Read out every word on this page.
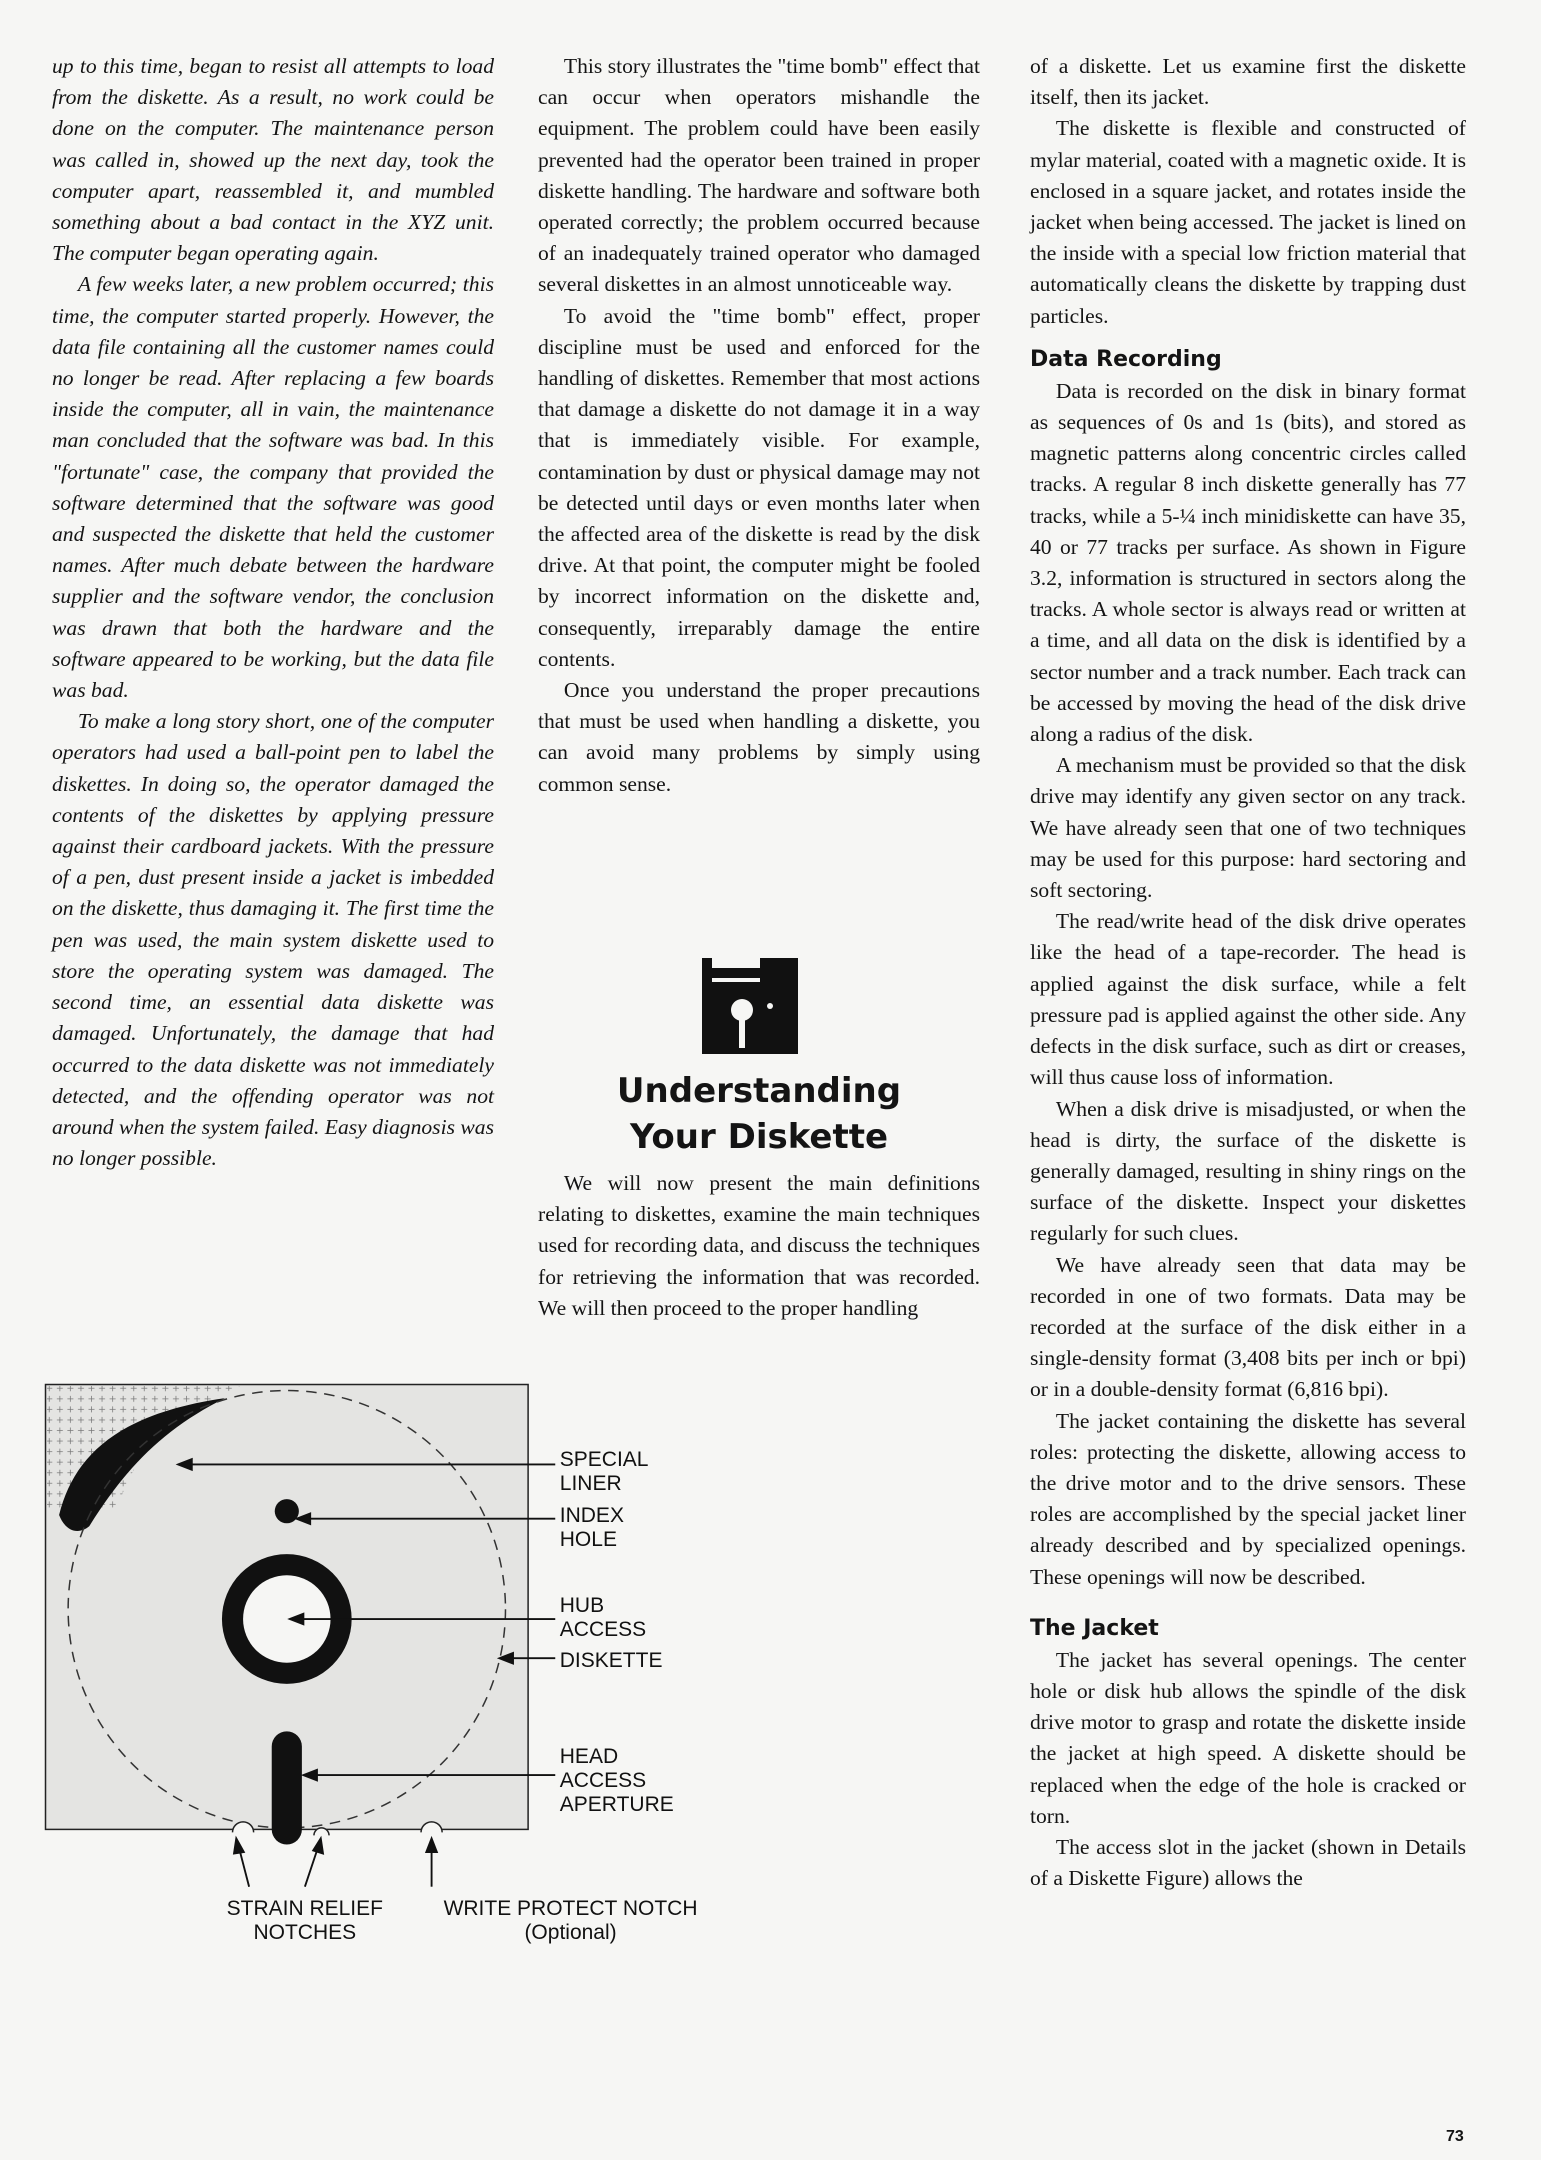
up to this time, began to resist all attempts to load from the diskette. As a result, no work could be done on the computer. The maintenance person was called in, showed up the next day, took the computer apart, reassembled it, and mumbled something about a bad contact in the XYZ unit. The computer began operating again.

A few weeks later, a new problem occurred; this time, the computer started properly. However, the data file containing all the customer names could no longer be read. After replacing a few boards inside the computer, all in vain, the maintenance man concluded that the software was bad. In this "fortunate" case, the company that provided the software determined that the software was good and suspected the diskette that held the customer names. After much debate between the hardware supplier and the software vendor, the conclusion was drawn that both the hardware and the software appeared to be working, but the data file was bad.

To make a long story short, one of the computer operators had used a ball-point pen to label the diskettes. In doing so, the operator damaged the contents of the diskettes by applying pressure against their cardboard jackets. With the pressure of a pen, dust present inside a jacket is imbedded on the diskette, thus damaging it. The first time the pen was used, the main system diskette used to store the operating system was damaged. The second time, an essential data diskette was damaged. Unfortunately, the damage that had occurred to the data diskette was not immediately detected, and the offending operator was not around when the system failed. Easy diagnosis was no longer possible.

This story illustrates the "time bomb" effect that can occur when operators mishandle the equipment. The problem could have been easily prevented had the operator been trained in proper diskette handling. The hardware and software both operated correctly; the problem occurred because of an inadequately trained operator who damaged several diskettes in an almost unnoticeable way.

To avoid the "time bomb" effect, proper discipline must be used and enforced for the handling of diskettes. Remember that most actions that damage a diskette do not damage it in a way that is immediately visible. For example, contamination by dust or physical damage may not be detected until days or even months later when the affected area of the diskette is read by the disk drive. At that point, the computer might be fooled by incorrect information on the diskette and, consequently, irreparably damage the entire contents.

Once you understand the proper precautions that must be used when handling a diskette, you can avoid many problems by simply using common sense.

Understanding
Your Diskette

We will now present the main definitions relating to diskettes, examine the main techniques used for recording data, and discuss the techniques for retrieving the information that was recorded. We will then proceed to the proper handling

of a diskette. Let us examine first the diskette itself, then its jacket.

The diskette is flexible and constructed of mylar material, coated with a magnetic oxide. It is enclosed in a square jacket, and rotates inside the jacket when being accessed. The jacket is lined on the inside with a special low friction material that automatically cleans the diskette by trapping dust particles.

Data Recording

Data is recorded on the disk in binary format as sequences of 0s and 1s (bits), and stored as magnetic patterns along concentric circles called tracks. A regular 8 inch diskette generally has 77 tracks, while a 5-¼ inch minidiskette can have 35, 40 or 77 tracks per surface. As shown in Figure 3.2, information is structured in sectors along the tracks. A whole sector is always read or written at a time, and all data on the disk is identified by a sector number and a track number. Each track can be accessed by moving the head of the disk drive along a radius of the disk.

A mechanism must be provided so that the disk drive may identify any given sector on any track. We have already seen that one of two techniques may be used for this purpose: hard sectoring and soft sectoring.

The read/write head of the disk drive operates like the head of a tape-recorder. The head is applied against the disk surface, while a felt pressure pad is applied against the other side. Any defects in the disk surface, such as dirt or creases, will thus cause loss of information.

When a disk drive is misadjusted, or when the head is dirty, the surface of the diskette is generally damaged, resulting in shiny rings on the surface of the diskette. Inspect your diskettes regularly for such clues.

We have already seen that data may be recorded in one of two formats. Data may be recorded at the surface of the disk either in a single-density format (3,408 bits per inch or bpi) or in a double-density format (6,816 bpi).

The jacket containing the diskette has several roles: protecting the diskette, allowing access to the drive motor and to the drive sensors. These roles are accomplished by the special jacket liner already described and by specialized openings. These openings will now be described.

The Jacket

The jacket has several openings. The center hole or disk hub allows the spindle of the disk drive motor to grasp and rotate the diskette inside the jacket at high speed. A diskette should be replaced when the edge of the hole is cracked or torn.

The access slot in the jacket (shown in Details of a Diskette Figure) allows the

SPECIAL
LINER
INDEX
HOLE
HUB
ACCESS
DISKETTE
HEAD
ACCESS
APERTURE
STRAIN RELIEF
NOTCHES
WRITE PROTECT NOTCH
(Optional)
73
